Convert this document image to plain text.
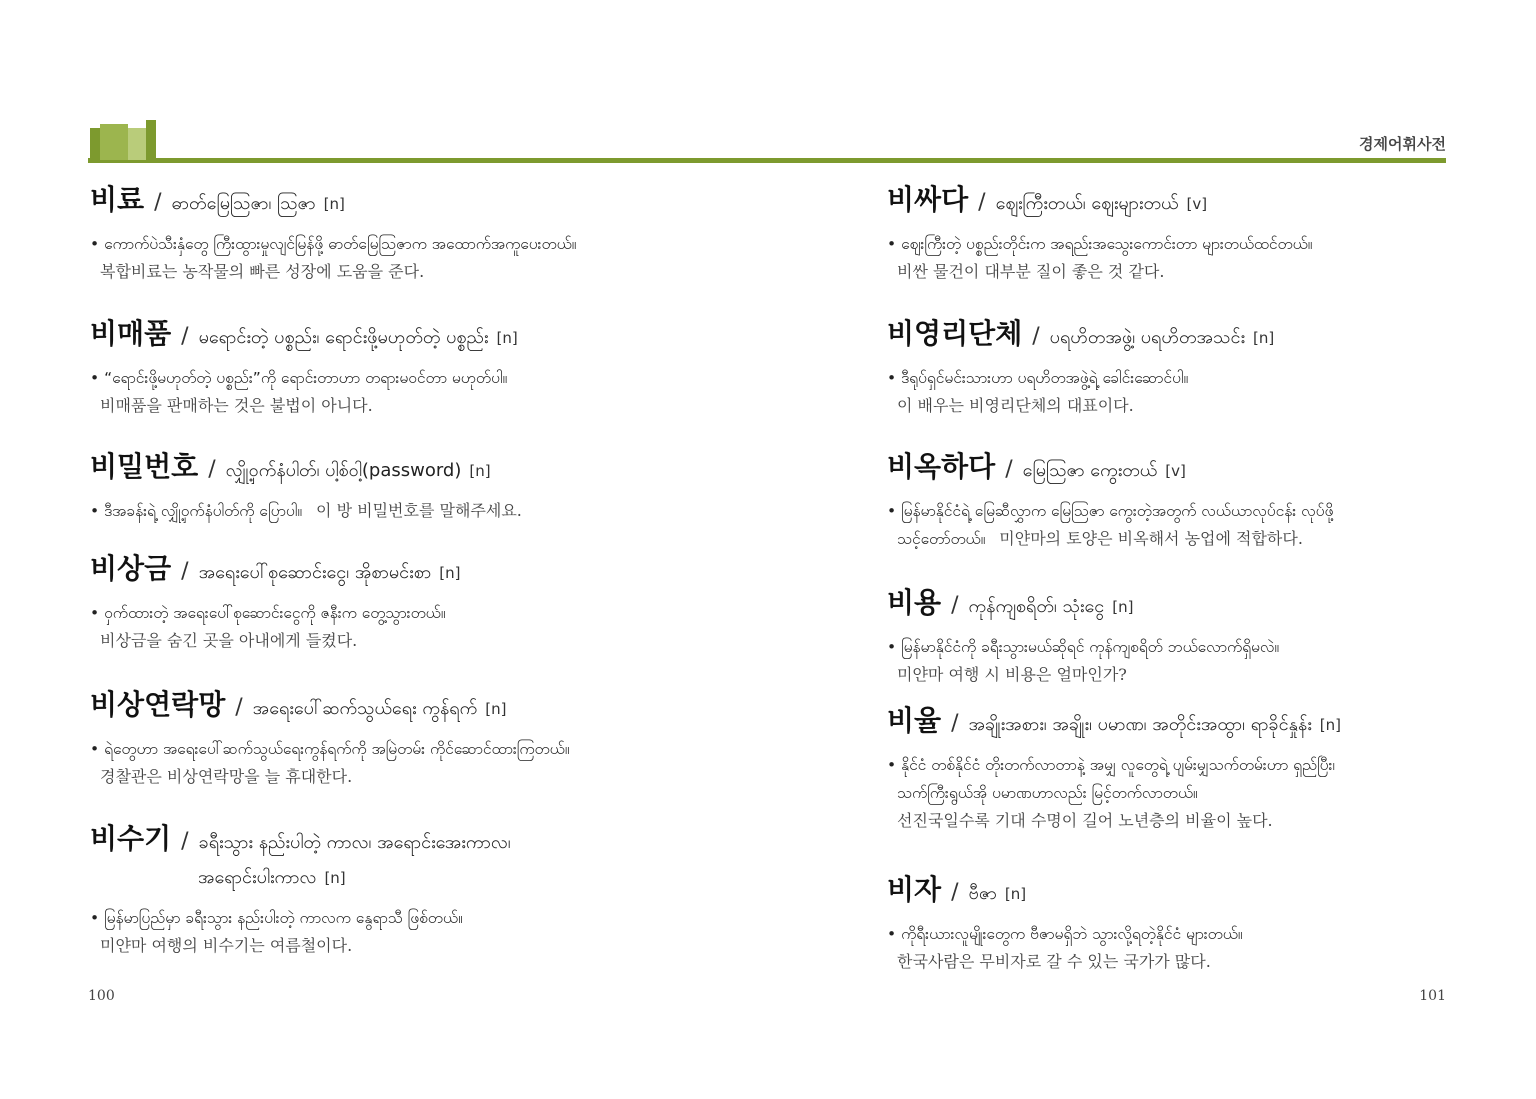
경제어휘사전
비료 / ဓာတ်မြေဩဇာ၊ ဩဇာ [n]
• ကောက်ပဲသီးနှံတွေ ကြီးထွားမှုလျင်မြန်ဖို့ ဓာတ်မြေဩဇာက အထောက်အကူပေးတယ်။
복합비료는 농작물의 빠른 성장에 도움을 준다.
비매품 / မရောင်းတဲ့ ပစ္စည်း၊ ရောင်းဖို့မဟုတ်တဲ့ ပစ္စည်း [n]
• “ရောင်းဖို့မဟုတ်တဲ့ ပစ္စည်း”ကို ရောင်းတာဟာ တရားမဝင်တာ မဟုတ်ပါ။
비매품을 판매하는 것은 불법이 아니다.
비밀번호 / လျှို့ဝှက်နံပါတ်၊ ပါ့စ်ဝါ့(password) [n]
• ဒီအခန်းရဲ့ လျှို့ဝှက်နံပါတ်ကို ပြောပါ။ 이 방 비밀번호를 말해주세요.
비상금 / အရေးပေါ်စုဆောင်းငွေ၊ အိုစာမင်းစာ [n]
• ဝှက်ထားတဲ့ အရေးပေါ်စုဆောင်းငွေကို ဇနီးက တွေ့သွားတယ်။
비상금을 숨긴 곳을 아내에게 들켰다.
비상연락망 / အရေးပေါ်ဆက်သွယ်ရေး ကွန်ရက် [n]
• ရဲတွေဟာ အရေးပေါ်ဆက်သွယ်ရေးကွန်ရက်ကို အမြဲတမ်း ကိုင်ဆောင်ထားကြတယ်။
경찰관은 비상연락망을 늘 휴대한다.
비수기 / ခရီးသွား နည်းပါတဲ့ ကာလ၊ အရောင်းအေးကာလ၊
အရောင်းပါးကာလ [n]
• မြန်မာပြည်မှာ ခရီးသွား နည်းပါးတဲ့ ကာလက နွေရာသီ ဖြစ်တယ်။
미얀마 여행의 비수기는 여름철이다.
비싸다 / ဈေးကြီးတယ်၊ ဈေးများတယ် [v]
• ဈေးကြီးတဲ့ ပစ္စည်းတိုင်းက အရည်းအသွေးကောင်းတာ များတယ်ထင်တယ်။
비싼 물건이 대부분 질이 좋은 것 같다.
비영리단체 / ပရဟိတအဖွဲ့၊ ပရဟိတအသင်း [n]
• ဒီရုပ်ရှင်မင်းသားဟာ ပရဟိတအဖွဲ့ရဲ့ ခေါင်းဆောင်ပါ။
이 배우는 비영리단체의 대표이다.
비옥하다 / မြေဩဇာ ကွေးတယ် [v]
• မြန်မာနိုင်ငံရဲ့ မြေဆီလွှာက မြေဩဇာ ကွေးတဲ့အတွက် လယ်ယာလုပ်ငန်း လုပ်ဖို့
သင့်တော်တယ်။ 미얀마의 토양은 비옥해서 농업에 적합하다.
비용 / ကုန်ကျစရိတ်၊ သုံးငွေ [n]
• မြန်မာနိုင်ငံကို ခရီးသွားမယ်ဆိုရင် ကုန်ကျစရိတ် ဘယ်လောက်ရှိမလဲ။
미얀마 여행 시 비용은 얼마인가?
비율 / အချိုးအစား၊ အချိုး၊ ပမာဏ၊ အတိုင်းအထွာ၊ ရာခိုင်နှုန်း [n]
• နိုင်ငံ တစ်နိုင်ငံ တိုးတက်လာတာနဲ့ အမျှ လူတွေရဲ့ ပျမ်းမျှသက်တမ်းဟာ ရှည်ပြီး၊
သက်ကြီးရွယ်အို ပမာဏဟာလည်း မြင့်တက်လာတယ်။
선진국일수록 기대 수명이 길어 노년층의 비율이 높다.
비자 / ဗီဇာ [n]
• ကိုရီးယားလူမျိုးတွေက ဗီဇာမရှိဘဲ သွားလို့ရတဲ့နိုင်ငံ များတယ်။
한국사람은 무비자로 갈 수 있는 국가가 많다.
100	101
